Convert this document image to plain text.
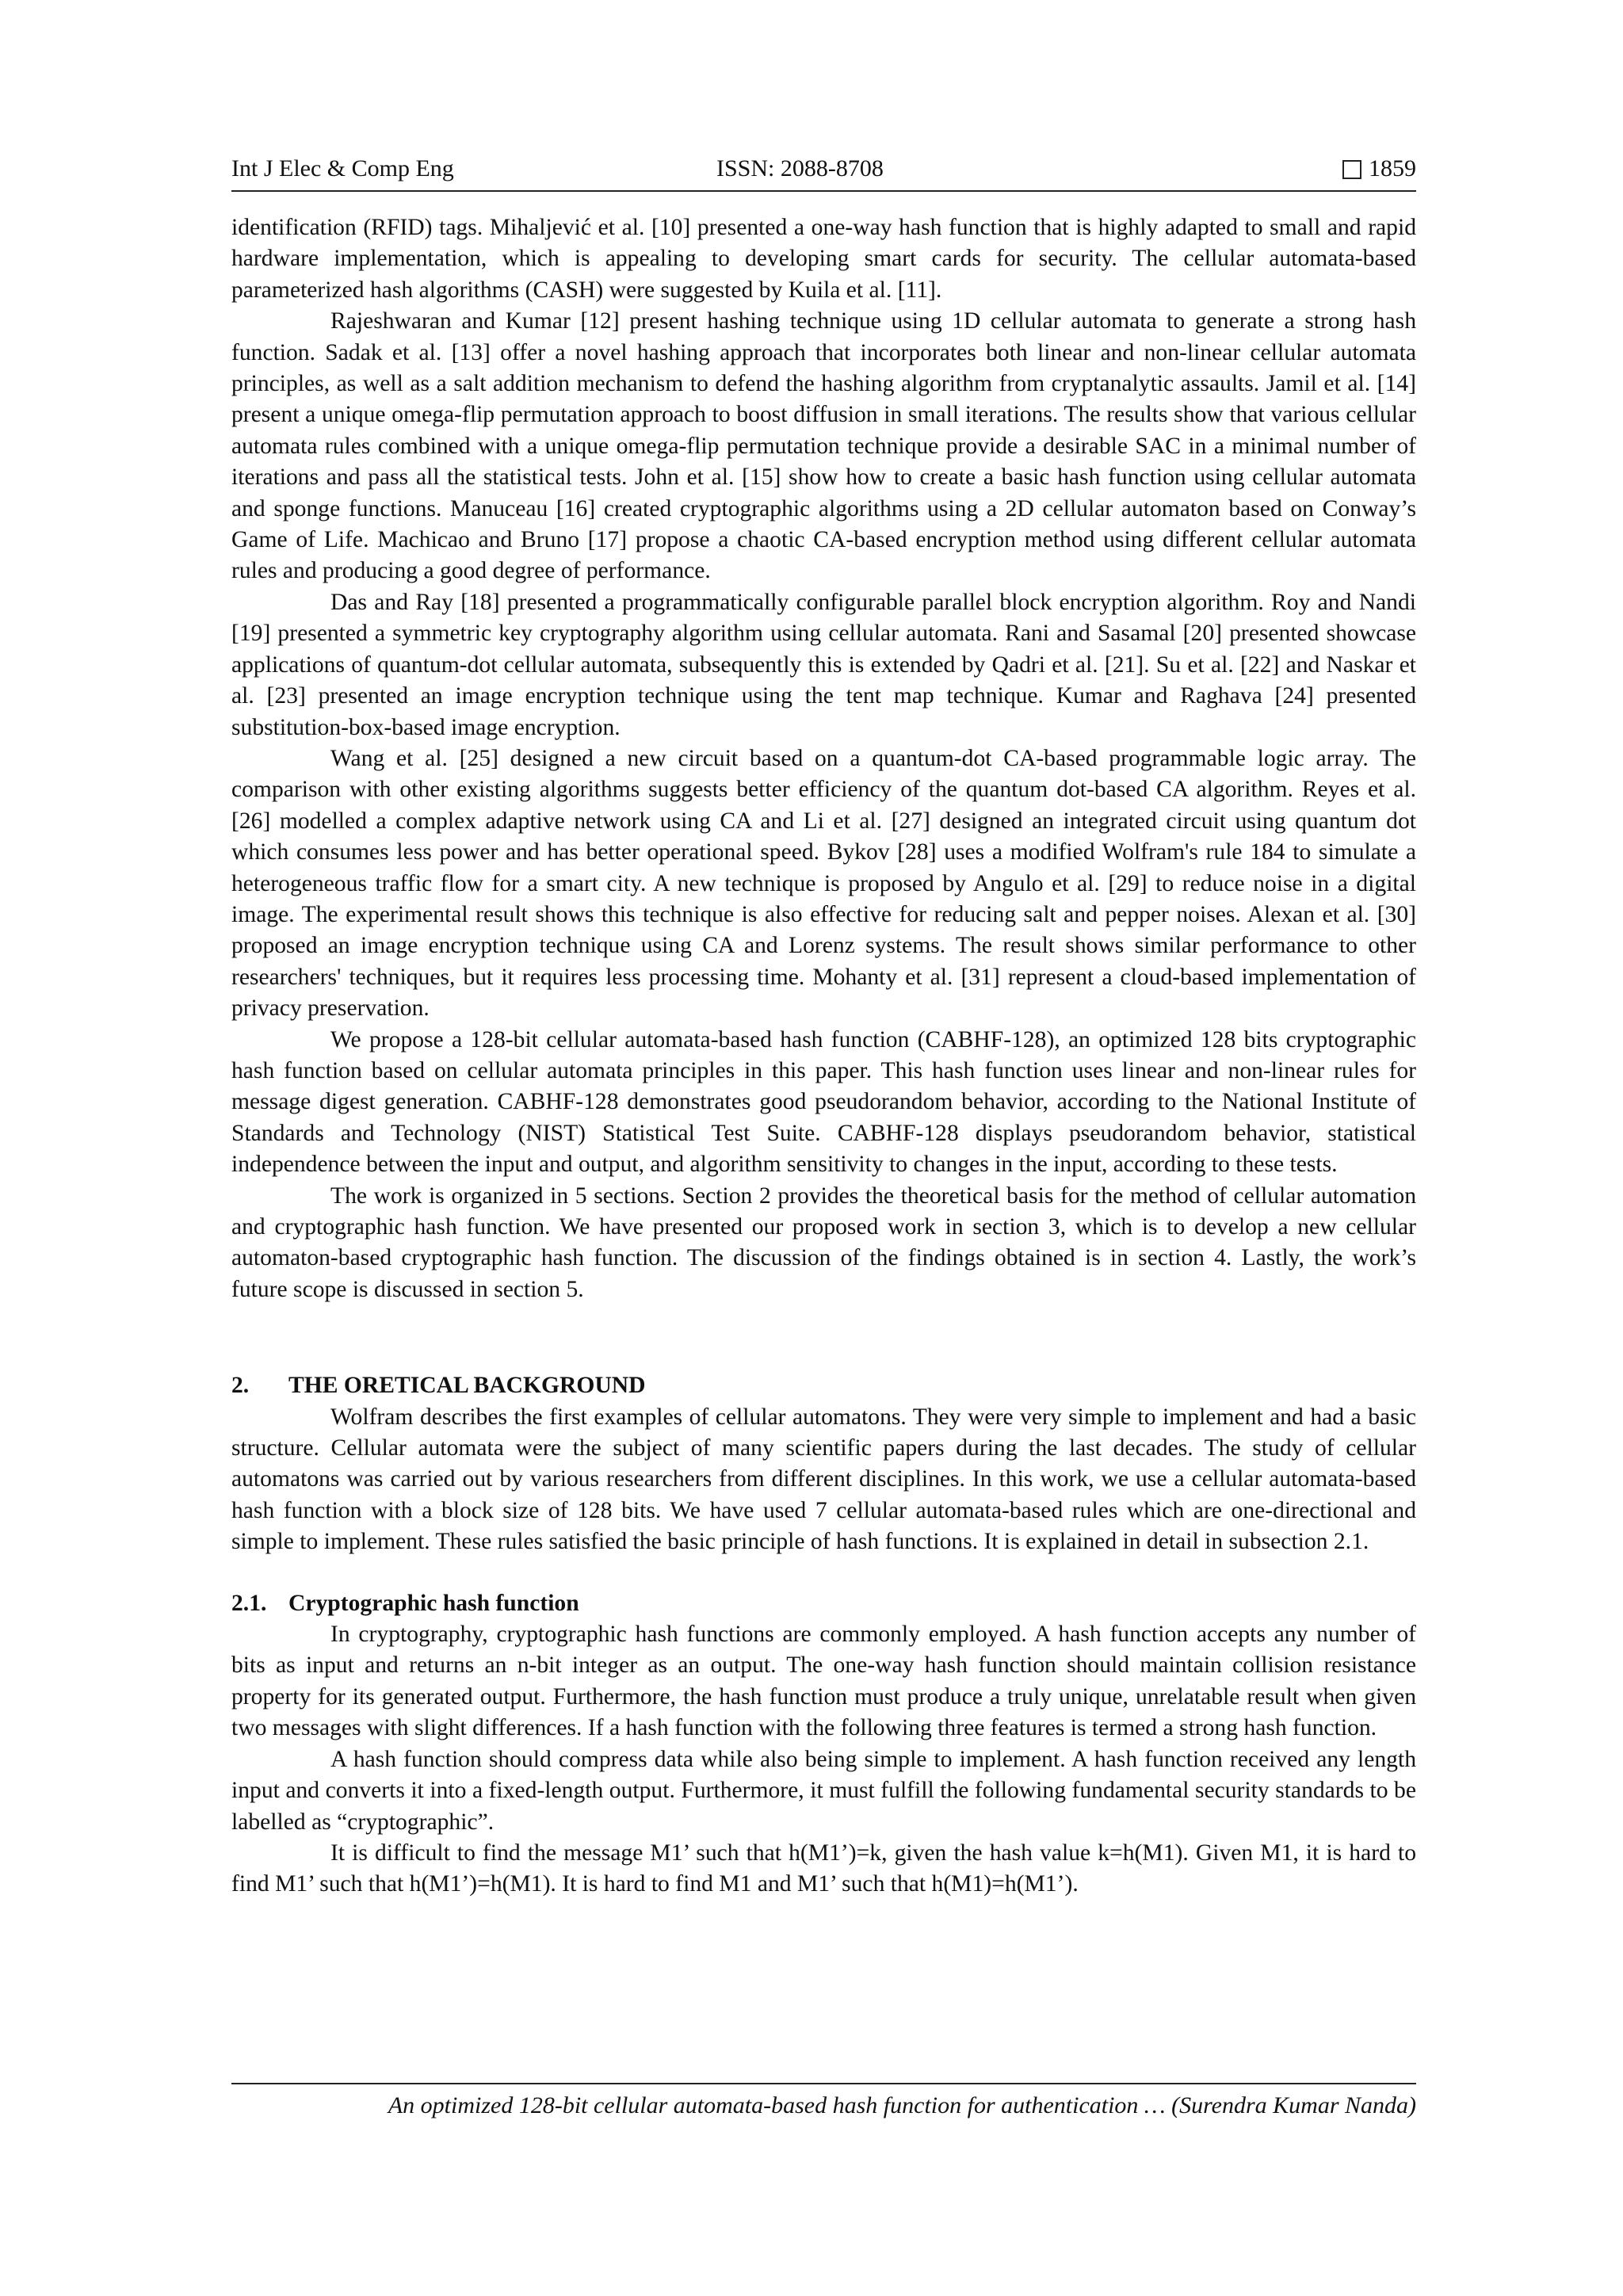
Int J Elec & Comp Eng	ISSN: 2088-8708	1859

identification (RFID) tags. Mihaljević et al. [10] presented a one-way hash function that is highly adapted to small and rapid hardware implementation, which is appealing to developing smart cards for security. The cellular automata-based parameterized hash algorithms (CASH) were suggested by Kuila et al. [11].

Rajeshwaran and Kumar [12] present hashing technique using 1D cellular automata to generate a strong hash function. Sadak et al. [13] offer a novel hashing approach that incorporates both linear and non-linear cellular automata principles, as well as a salt addition mechanism to defend the hashing algorithm from cryptanalytic assaults. Jamil et al. [14] present a unique omega-flip permutation approach to boost diffusion in small iterations. The results show that various cellular automata rules combined with a unique omega-flip permutation technique provide a desirable SAC in a minimal number of iterations and pass all the statistical tests. John et al. [15] show how to create a basic hash function using cellular automata and sponge functions. Manuceau [16] created cryptographic algorithms using a 2D cellular automaton based on Conway’s Game of Life. Machicao and Bruno [17] propose a chaotic CA-based encryption method using different cellular automata rules and producing a good degree of performance.

Das and Ray [18] presented a programmatically configurable parallel block encryption algorithm. Roy and Nandi [19] presented a symmetric key cryptography algorithm using cellular automata. Rani and Sasamal [20] presented showcase applications of quantum-dot cellular automata, subsequently this is extended by Qadri et al. [21]. Su et al. [22] and Naskar et al. [23] presented an image encryption technique using the tent map technique. Kumar and Raghava [24] presented substitution-box-based image encryption.

Wang et al. [25] designed a new circuit based on a quantum-dot CA-based programmable logic array. The comparison with other existing algorithms suggests better efficiency of the quantum dot-based CA algorithm. Reyes et al. [26] modelled a complex adaptive network using CA and Li et al. [27] designed an integrated circuit using quantum dot which consumes less power and has better operational speed. Bykov [28] uses a modified Wolfram's rule 184 to simulate a heterogeneous traffic flow for a smart city. A new technique is proposed by Angulo et al. [29] to reduce noise in a digital image. The experimental result shows this technique is also effective for reducing salt and pepper noises. Alexan et al. [30] proposed an image encryption technique using CA and Lorenz systems. The result shows similar performance to other researchers' techniques, but it requires less processing time. Mohanty et al. [31] represent a cloud-based implementation of privacy preservation.

We propose a 128-bit cellular automata-based hash function (CABHF-128), an optimized 128 bits cryptographic hash function based on cellular automata principles in this paper. This hash function uses linear and non-linear rules for message digest generation. CABHF-128 demonstrates good pseudorandom behavior, according to the National Institute of Standards and Technology (NIST) Statistical Test Suite. CABHF-128 displays pseudorandom behavior, statistical independence between the input and output, and algorithm sensitivity to changes in the input, according to these tests.

The work is organized in 5 sections. Section 2 provides the theoretical basis for the method of cellular automation and cryptographic hash function. We have presented our proposed work in section 3, which is to develop a new cellular automaton-based cryptographic hash function. The discussion of the findings obtained is in section 4. Lastly, the work’s future scope is discussed in section 5.

2. THE ORETICAL BACKGROUND

Wolfram describes the first examples of cellular automatons. They were very simple to implement and had a basic structure. Cellular automata were the subject of many scientific papers during the last decades. The study of cellular automatons was carried out by various researchers from different disciplines. In this work, we use a cellular automata-based hash function with a block size of 128 bits. We have used 7 cellular automata-based rules which are one-directional and simple to implement. These rules satisfied the basic principle of hash functions. It is explained in detail in subsection 2.1.

2.1. Cryptographic hash function

In cryptography, cryptographic hash functions are commonly employed. A hash function accepts any number of bits as input and returns an n-bit integer as an output. The one-way hash function should maintain collision resistance property for its generated output. Furthermore, the hash function must produce a truly unique, unrelatable result when given two messages with slight differences. If a hash function with the following three features is termed a strong hash function.

A hash function should compress data while also being simple to implement. A hash function received any length input and converts it into a fixed-length output. Furthermore, it must fulfill the following fundamental security standards to be labelled as “cryptographic”.

It is difficult to find the message M1’ such that h(M1’)=k, given the hash value k=h(M1). Given M1, it is hard to find M1’ such that h(M1’)=h(M1). It is hard to find M1 and M1’ such that h(M1)=h(M1’).

An optimized 128-bit cellular automata-based hash function for authentication … (Surendra Kumar Nanda)
